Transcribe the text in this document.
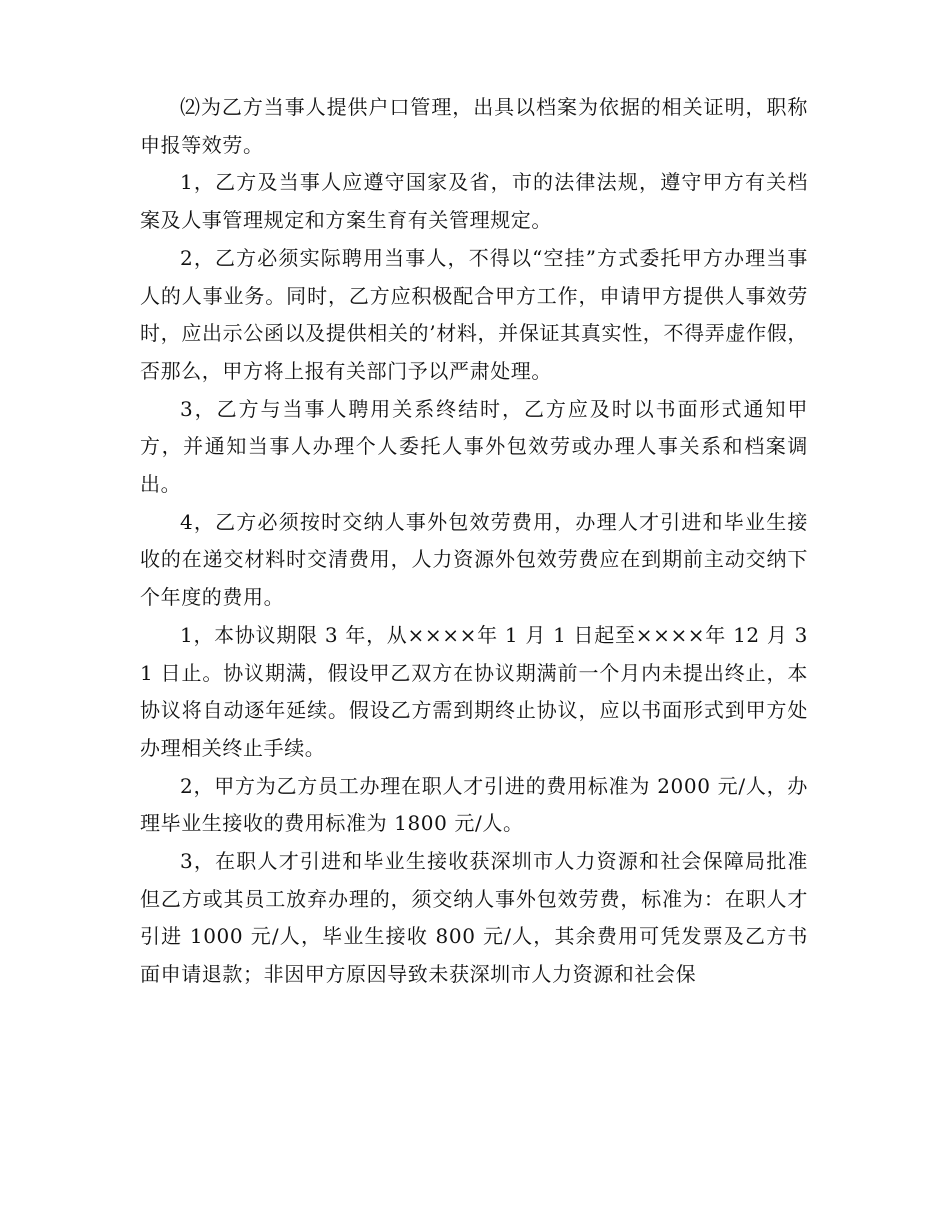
⑵为乙方当事人提供户口管理，出具以档案为依据的相关证明，职称申报等效劳。

1，乙方及当事人应遵守国家及省，市的法律法规，遵守甲方有关档案及人事管理规定和方案生育有关管理规定。

2，乙方必须实际聘用当事人，不得以“空挂”方式委托甲方办理当事人的人事业务。同时，乙方应积极配合甲方工作，申请甲方提供人事效劳时，应出示公函以及提供相关的’材料，并保证其真实性，不得弄虚作假，否那么，甲方将上报有关部门予以严肃处理。

3，乙方与当事人聘用关系终结时，乙方应及时以书面形式通知甲方，并通知当事人办理个人委托人事外包效劳或办理人事关系和档案调出。

4，乙方必须按时交纳人事外包效劳费用，办理人才引进和毕业生接收的在递交材料时交清费用，人力资源外包效劳费应在到期前主动交纳下个年度的费用。

1，本协议期限 3 年，从××××年 1 月 1 日起至××××年 12 月 31 日止。协议期满，假设甲乙双方在协议期满前一个月内未提出终止，本协议将自动逐年延续。假设乙方需到期终止协议，应以书面形式到甲方处办理相关终止手续。

2，甲方为乙方员工办理在职人才引进的费用标准为 2000 元/人，办理毕业生接收的费用标准为 1800 元/人。

3，在职人才引进和毕业生接收获深圳市人力资源和社会保障局批准但乙方或其员工放弃办理的，须交纳人事外包效劳费，标准为：在职人才引进 1000 元/人，毕业生接收 800 元/人，其余费用可凭发票及乙方书面申请退款；非因甲方原因导致未获深圳市人力资源和社会保
